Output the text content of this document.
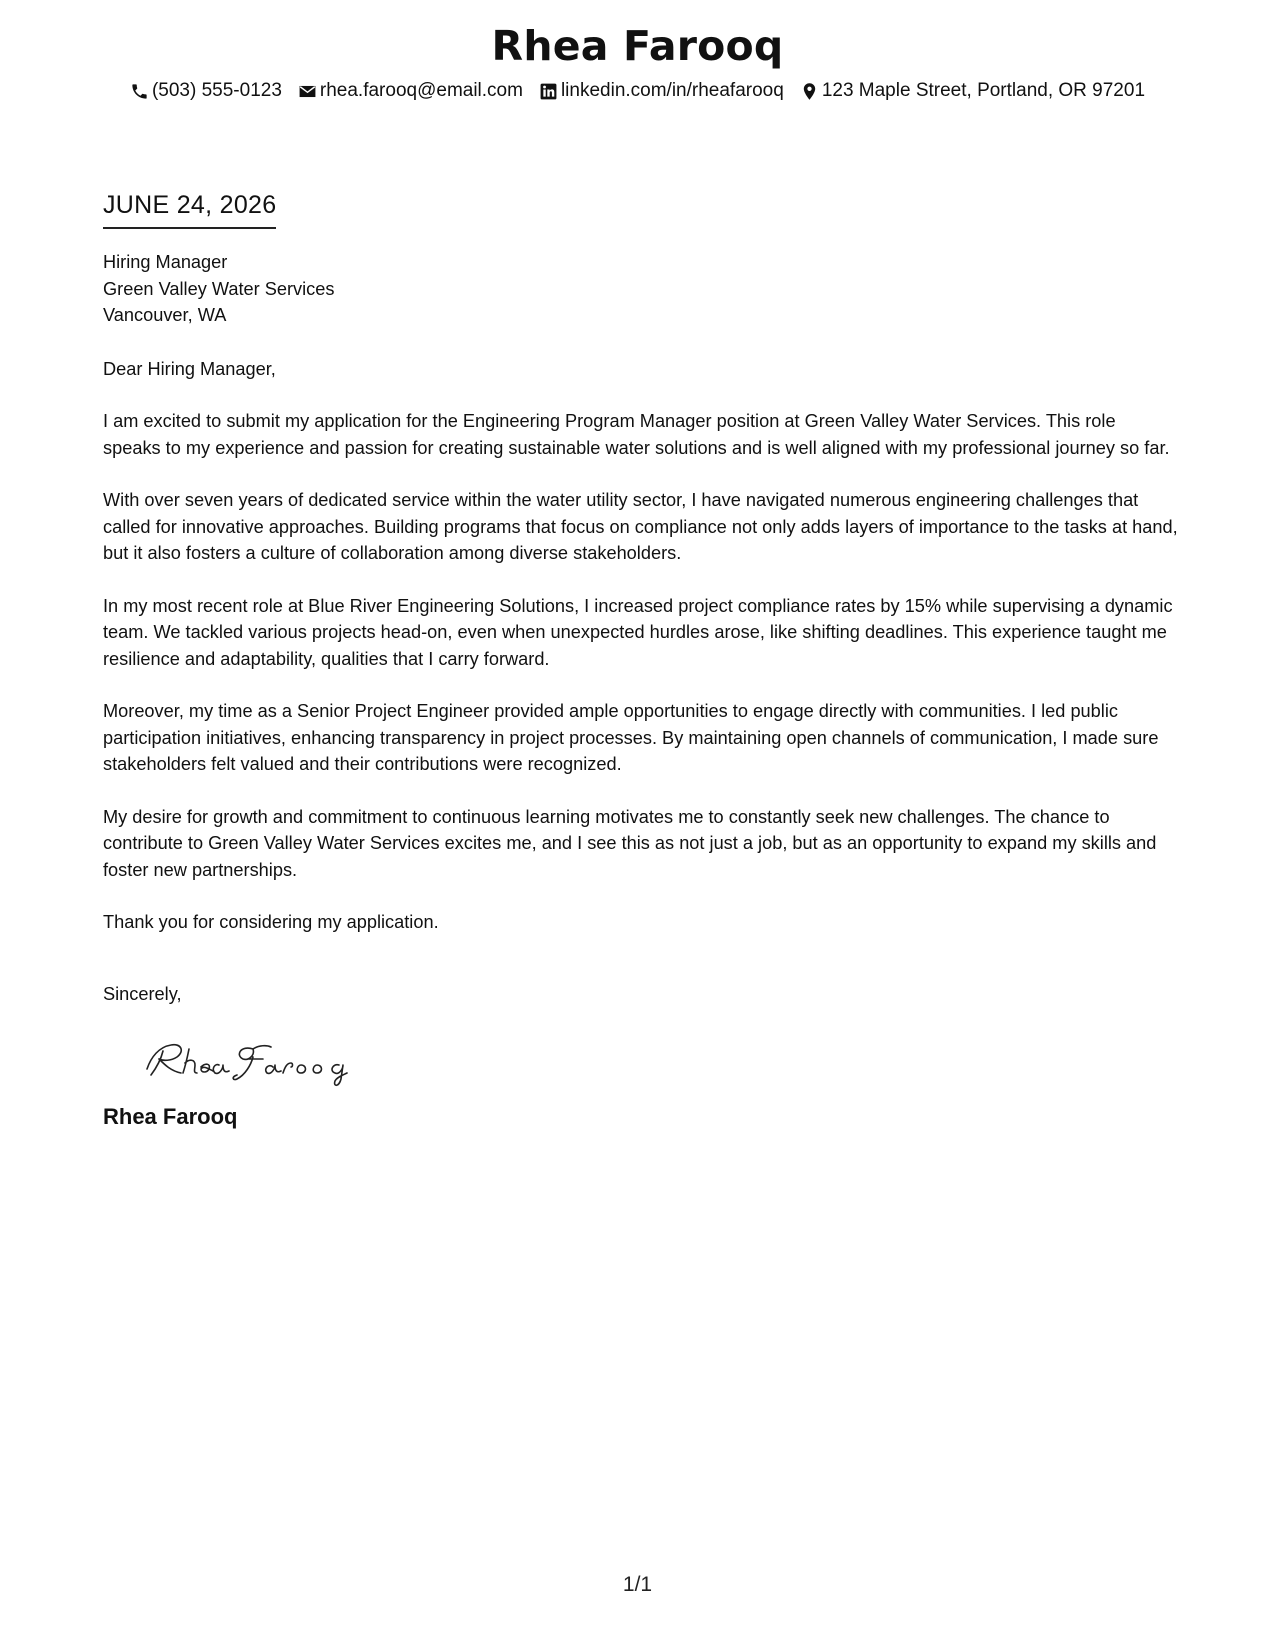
Rhea Farooq
(503) 555-0123 rhea.farooq@email.com linkedin.com/in/rheafarooq 123 Maple Street, Portland, OR 97201
JUNE 24, 2026
Hiring Manager
Green Valley Water Services
Vancouver, WA
Dear Hiring Manager,
I am excited to submit my application for the Engineering Program Manager position at Green Valley Water Services. This role speaks to my experience and passion for creating sustainable water solutions and is well aligned with my professional journey so far.
With over seven years of dedicated service within the water utility sector, I have navigated numerous engineering challenges that called for innovative approaches. Building programs that focus on compliance not only adds layers of importance to the tasks at hand, but it also fosters a culture of collaboration among diverse stakeholders.
In my most recent role at Blue River Engineering Solutions, I increased project compliance rates by 15% while supervising a dynamic team. We tackled various projects head-on, even when unexpected hurdles arose, like shifting deadlines. This experience taught me resilience and adaptability, qualities that I carry forward.
Moreover, my time as a Senior Project Engineer provided ample opportunities to engage directly with communities. I led public participation initiatives, enhancing transparency in project processes. By maintaining open channels of communication, I made sure stakeholders felt valued and their contributions were recognized.
My desire for growth and commitment to continuous learning motivates me to constantly seek new challenges. The chance to contribute to Green Valley Water Services excites me, and I see this as not just a job, but as an opportunity to expand my skills and foster new partnerships.
Thank you for considering my application.
Sincerely,
Rhea Farooq
1/1
